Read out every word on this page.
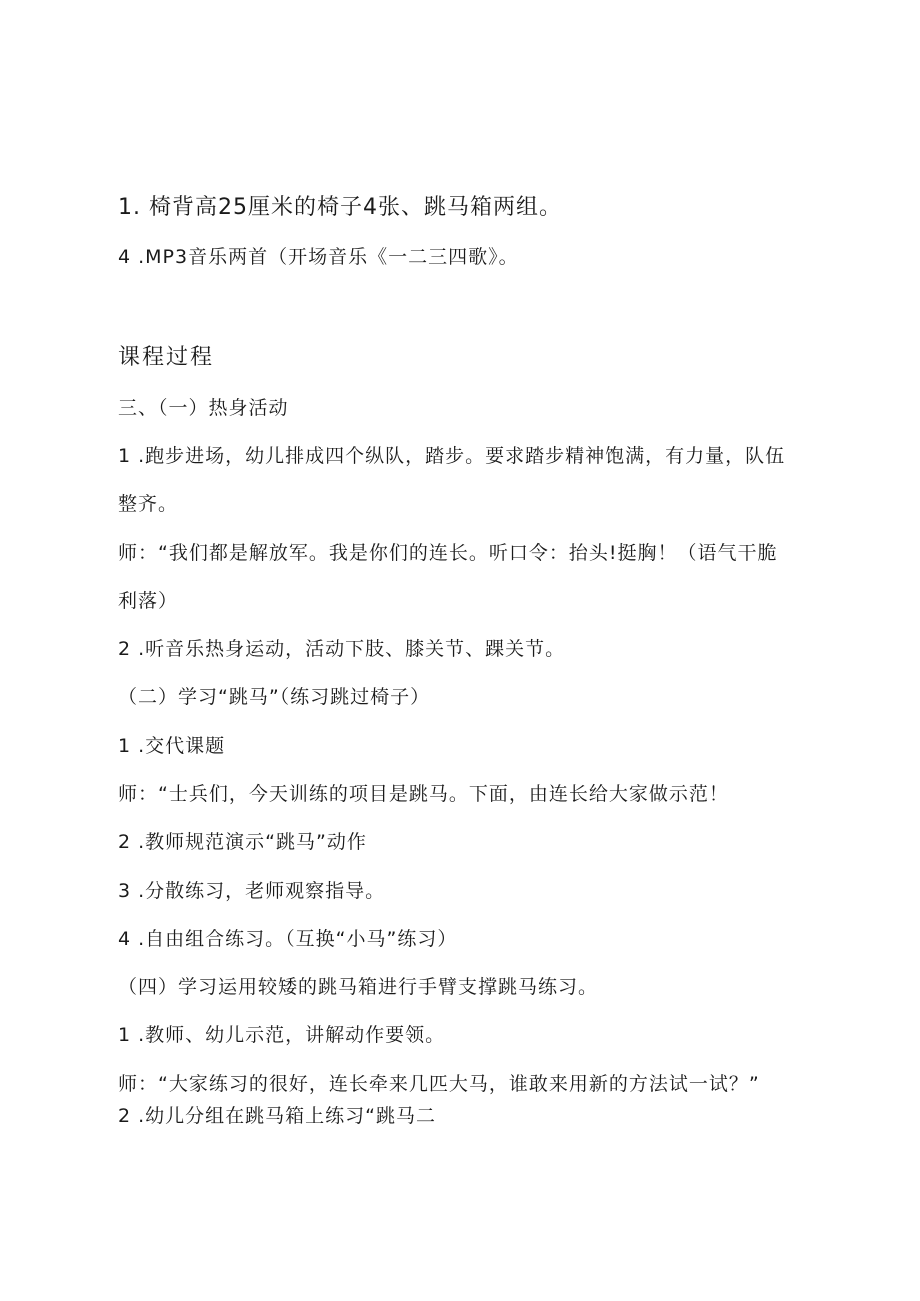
1. 椅背高25厘米的椅子4张、跳马箱两组。
4 .MP3音乐两首（开场音乐《一二三四歌》。
课程过程
三、（一）热身活动
1 .跑步进场，幼儿排成四个纵队，踏步。要求踏步精神饱满，有力量，队伍
整齐。
师：“我们都是解放军。我是你们的连长。听口令：抬头!挺胸！（语气干脆
利落）
2 .听音乐热身运动，活动下肢、膝关节、踝关节。
（二）学习“跳马”（练习跳过椅子）
1 .交代课题
师：“士兵们，今天训练的项目是跳马。下面，由连长给大家做示范！
2 .教师规范演示“跳马”动作
3 .分散练习，老师观察指导。
4 .自由组合练习。（互换“小马”练习）
（四）学习运用较矮的跳马箱进行手臂支撑跳马练习。
1 .教师、幼儿示范，讲解动作要领。
师：“大家练习的很好，连长牵来几匹大马，谁敢来用新的方法试一试？”
2 .幼儿分组在跳马箱上练习“跳马二
